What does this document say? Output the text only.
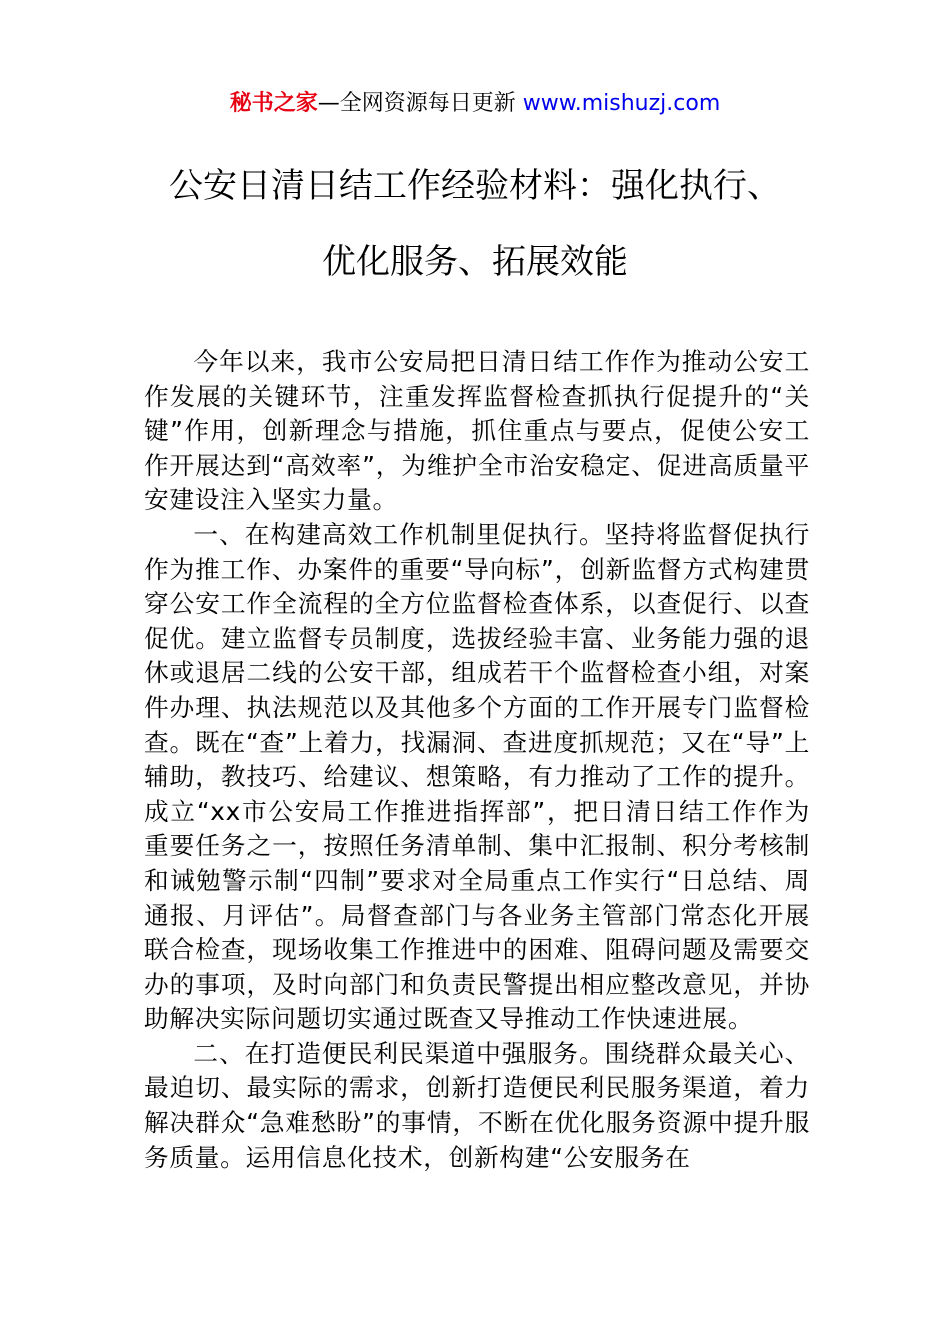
秘书之家—全网资源每日更新 www.mishuzj.com
公安日清日结工作经验材料：强化执行、
优化服务、拓展效能

今年以来，我市公安局把日清日结工作作为推动公安工作发展的关键环节，注重发挥监督检查抓执行促提升的“关键”作用，创新理念与措施，抓住重点与要点，促使公安工作开展达到“高效率”，为维护全市治安稳定、促进高质量平安建设注入坚实力量。

一、在构建高效工作机制里促执行。坚持将监督促执行作为推工作、办案件的重要“导向标”，创新监督方式构建贯穿公安工作全流程的全方位监督检查体系，以查促行、以查促优。建立监督专员制度，选拔经验丰富、业务能力强的退休或退居二线的公安干部，组成若干个监督检查小组，对案件办理、执法规范以及其他多个方面的工作开展专门监督检查。既在“查”上着力，找漏洞、查进度抓规范；又在“导”上辅助，教技巧、给建议、想策略，有力推动了工作的提升。成立“xx市公安局工作推进指挥部”，把日清日结工作作为重要任务之一，按照任务清单制、集中汇报制、积分考核制和诫勉警示制“四制”要求对全局重点工作实行“日总结、周通报、月评估”。局督查部门与各业务主管部门常态化开展联合检查，现场收集工作推进中的困难、阻碍问题及需要交办的事项，及时向部门和负责民警提出相应整改意见，并协助解决实际问题切实通过既查又导推动工作快速进展。

二、在打造便民利民渠道中强服务。围绕群众最关心、最迫切、最实际的需求，创新打造便民利民服务渠道，着力解决群众“急难愁盼”的事情，不断在优化服务资源中提升服务质量。运用信息化技术，创新构建“公安服务在
